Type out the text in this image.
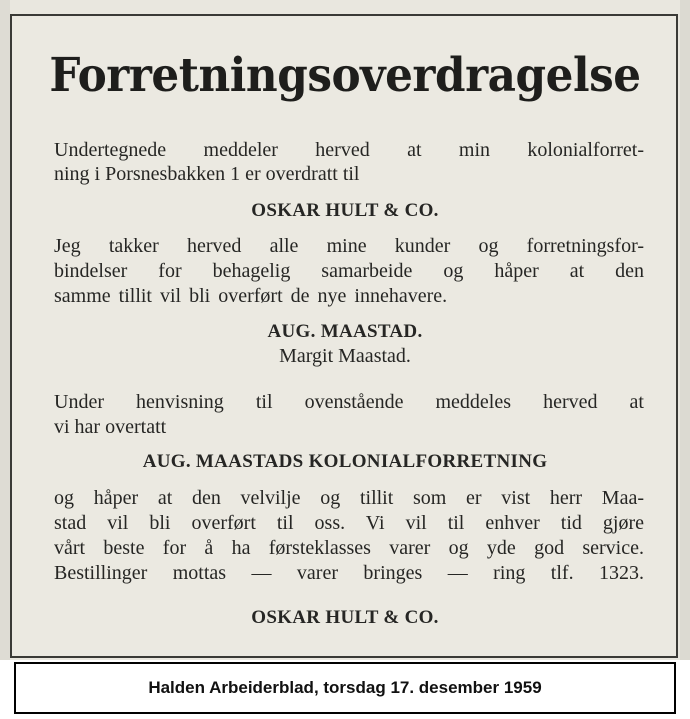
Forretningsoverdragelse
Undertegnede meddeler herved at min kolonialforret-
ning i Porsnesbakken 1 er overdratt til
OSKAR HULT & CO.
Jeg takker herved alle mine kunder og forretningsfor-
bindelser for behagelig samarbeide og håper at den
samme tillit vil bli overført de nye innehavere.
AUG. MAASTAD.
Margit Maastad.
Under henvisning til ovenstående meddeles herved at
vi har overtatt
AUG. MAASTADS KOLONIALFORRETNING
og håper at den velvilje og tillit som er vist herr Maa-
stad vil bli overført til oss. Vi vil til enhver tid gjøre
vårt beste for å ha førsteklasses varer og yde god service.
Bestillinger mottas — varer bringes — ring tlf. 1323.
OSKAR HULT & CO.
Halden Arbeiderblad, torsdag 17. desember 1959
